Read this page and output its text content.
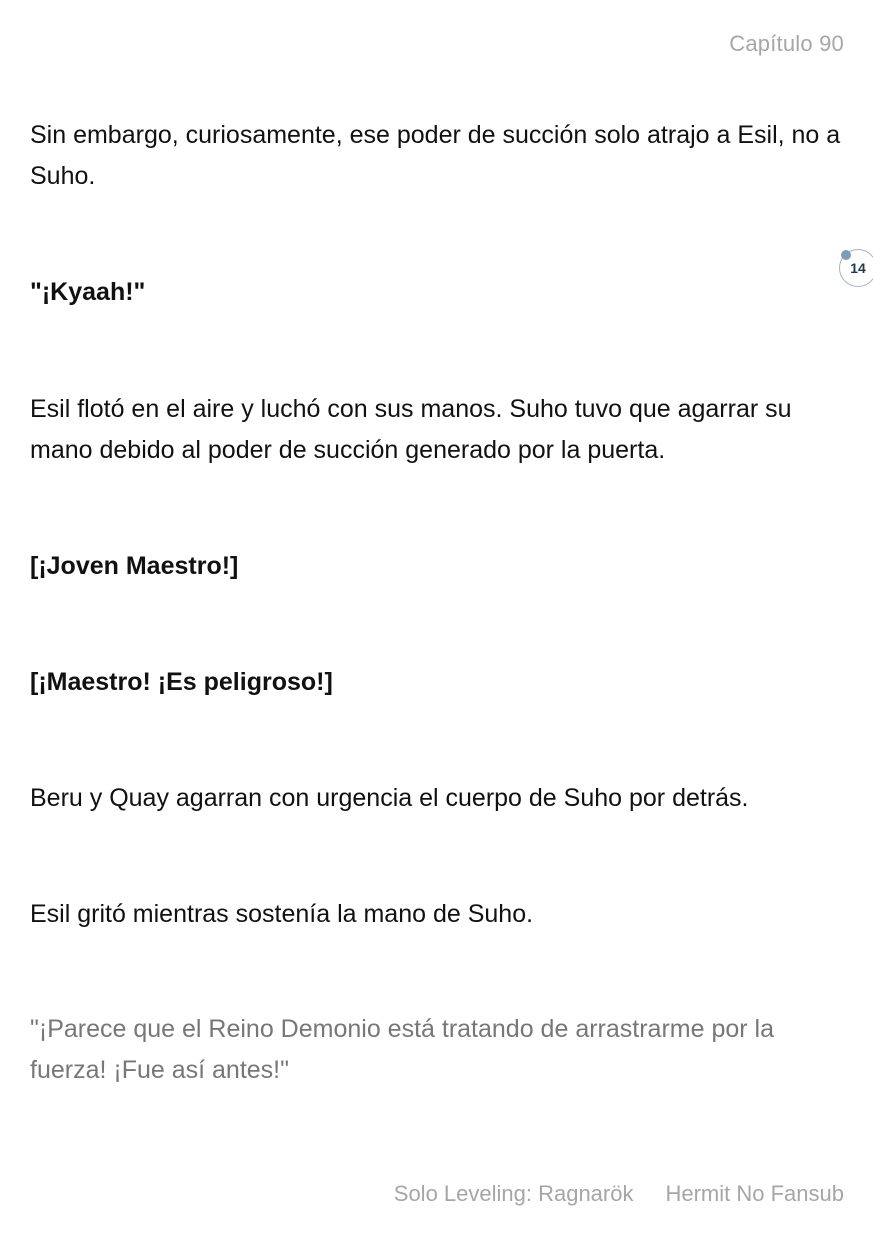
Capítulo 90

Sin embargo, curiosamente, ese poder de succión solo atrajo a Esil, no a Suho.

"¡Kyaah!"

Esil flotó en el aire y luchó con sus manos. Suho tuvo que agarrar su mano debido al poder de succión generado por la puerta.

[¡Joven Maestro!]

[¡Maestro! ¡Es peligroso!]

Beru y Quay agarran con urgencia el cuerpo de Suho por detrás.

Esil gritó mientras sostenía la mano de Suho.

"¡Parece que el Reino Demonio está tratando de arrastrarme por la fuerza! ¡Fue así antes!"

14
Solo Leveling: Ragnarök Hermit No Fansub
